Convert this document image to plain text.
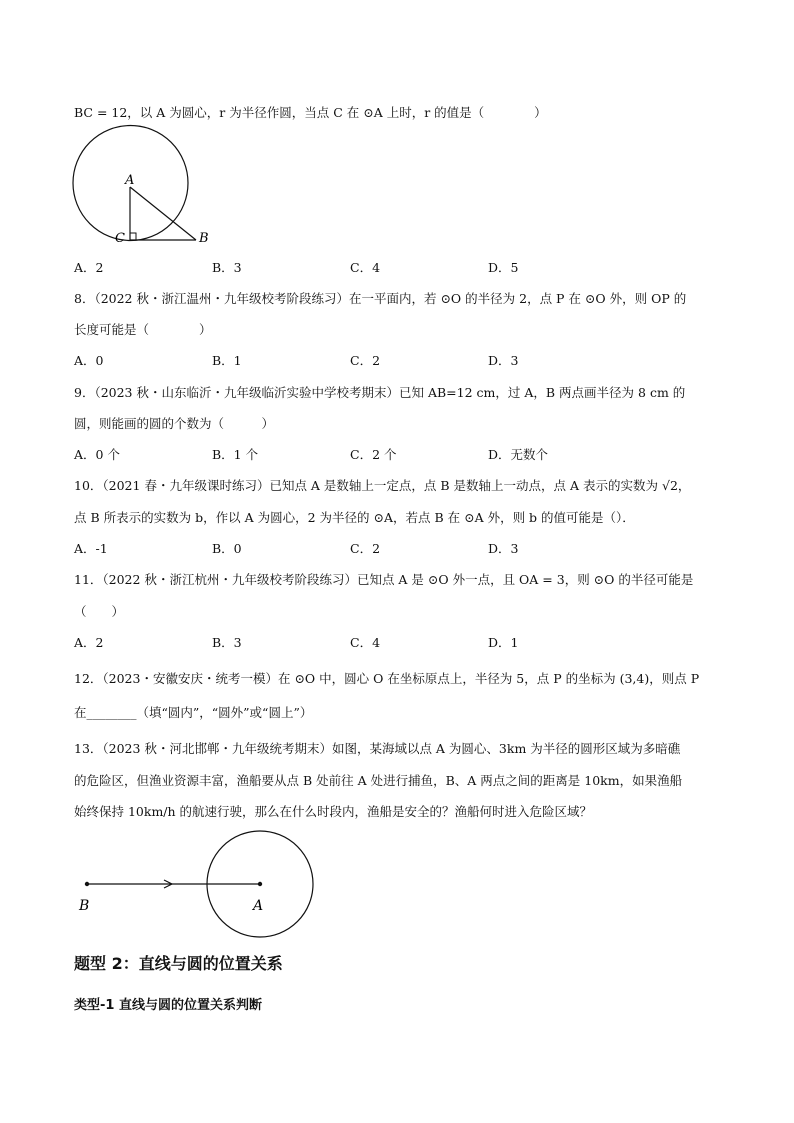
BC = 12，以 A 为圆心，r 为半径作圆，当点 C 在 ⊙A 上时，r 的值是（　　　　）
A
C	B
A．2	B．3	C．4	D．5
8．（2022 秋・浙江温州・九年级校考阶段练习）在一平面内，若 ⊙O 的半径为 2，点 P 在 ⊙O 外，则 OP 的
长度可能是（　　　　）
A．0	B．1	C．2	D．3
9．（2023 秋・山东临沂・九年级临沂实验中学校考期末）已知 AB=12 cm，过 A，B 两点画半径为 8 cm 的
圆，则能画的圆的个数为（　　　）
A．0 个	B．1 个	C．2 个	D．无数个
10．（2021 春・九年级课时练习）已知点 A 是数轴上一定点，点 B 是数轴上一动点，点 A 表示的实数为 √2，
点 B 所表示的实数为 b，作以 A 为圆心，2 为半径的 ⊙A，若点 B 在 ⊙A 外，则 b 的值可能是（）．
A．-1	B．0	C．2	D．3
11．（2022 秋・浙江杭州・九年级校考阶段练习）已知点 A 是 ⊙O 外一点，且 OA = 3，则 ⊙O 的半径可能是
（　　）
A．2	B．3	C．4	D．1
12．（2023・安徽安庆・统考一模）在 ⊙O 中，圆心 O 在坐标原点上，半径为 5，点 P 的坐标为 (3,4)，则点 P
在________（填“圆内”，“圆外”或“圆上”）
13．（2023 秋・河北邯郸・九年级统考期末）如图，某海域以点 A 为圆心、3km 为半径的圆形区域为多暗礁
的危险区，但渔业资源丰富，渔船要从点 B 处前往 A 处进行捕鱼，B、A 两点之间的距离是 10km，如果渔船
始终保持 10km/h 的航速行驶，那么在什么时段内，渔船是安全的？渔船何时进入危险区域？
B	A
题型 2：直线与圆的位置关系
类型-1 直线与圆的位置关系判断
